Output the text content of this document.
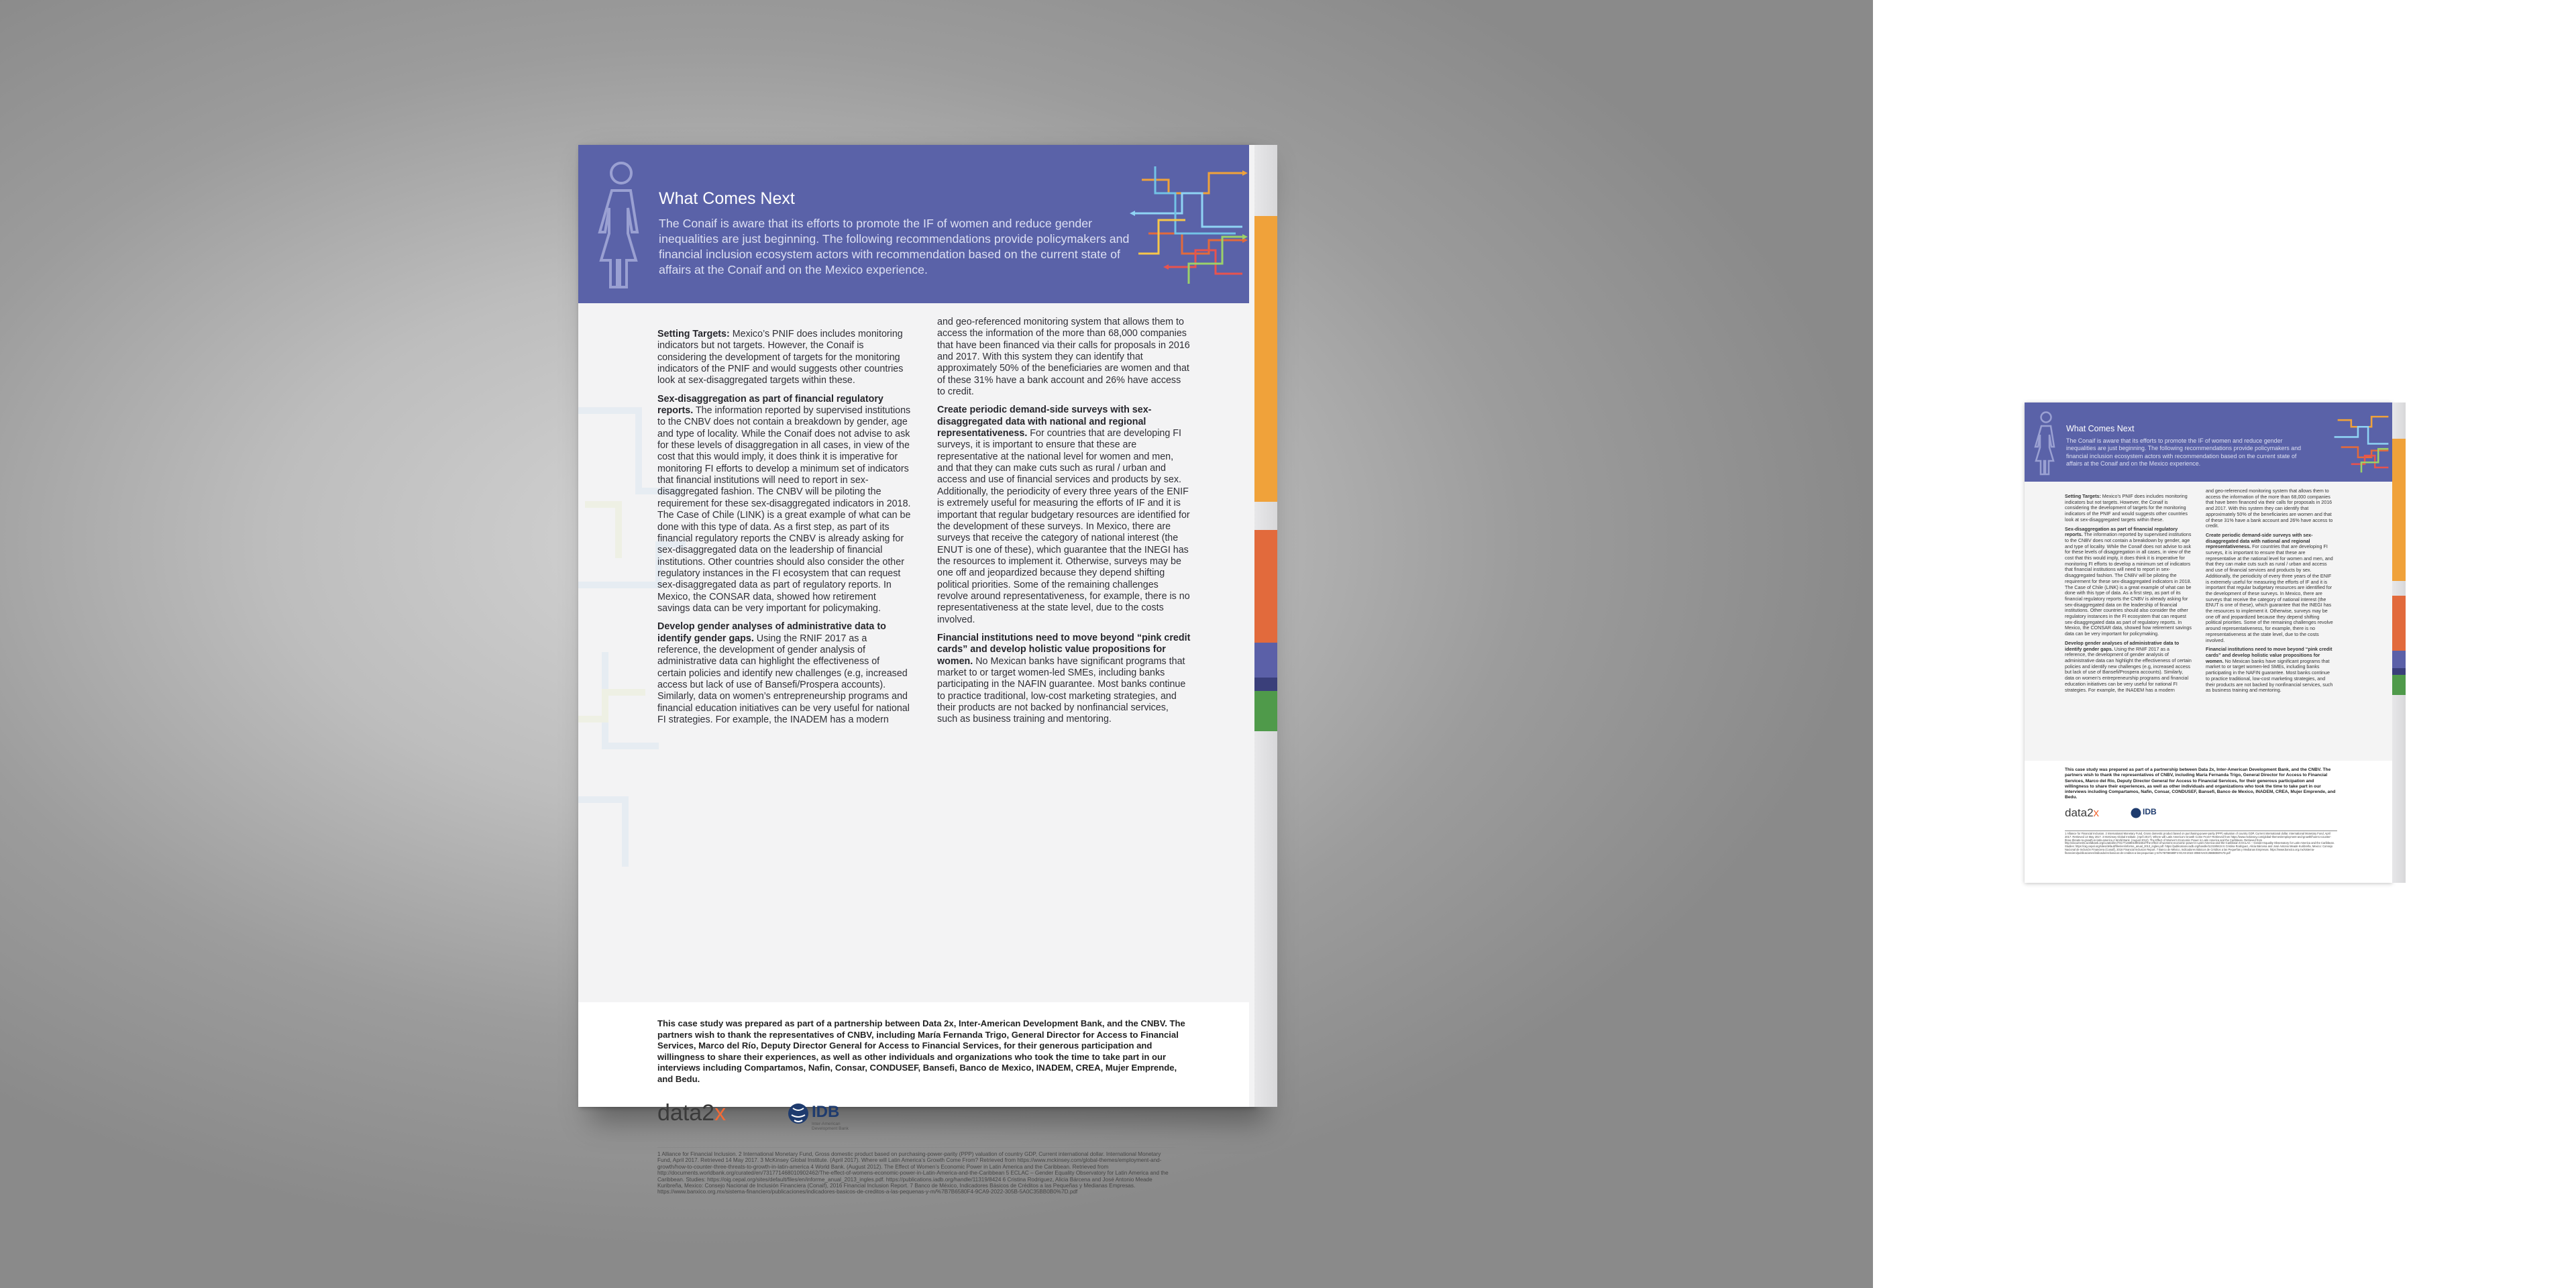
What Comes Next
The Conaif is aware that its efforts to promote the IF of women and reduce gender inequalities are just beginning. The following recommendations provide policymakers and financial inclusion ecosystem actors with recommendation based on the current state of affairs at the Conaif and on the Mexico experience.

Setting Targets: Mexico’s PNIF does includes monitoring indicators but not targets. However, the Conaif is considering the development of targets for the monitoring indicators of the PNIF and would suggests other countries look at sex-disaggregated targets within these.

Sex-disaggregation as part of financial regulatory reports. The information reported by supervised institutions to the CNBV does not contain a breakdown by gender, age and type of locality. While the Conaif does not advise to ask for these levels of disaggregation in all cases, in view of the cost that this would imply, it does think it is imperative for monitoring FI efforts to develop a minimum set of indicators that financial institutions will need to report in sex-disaggregated fashion. The CNBV will be piloting the requirement for these sex-disaggregated indicators in 2018. The Case of Chile (LINK) is a great example of what can be done with this type of data. As a first step, as part of its financial regulatory reports the CNBV is already asking for sex-disaggregated data on the leadership of financial institutions. Other countries should also consider the other regulatory instances in the FI ecosystem that can request sex-disaggregated data as part of regulatory reports. In Mexico, the CONSAR data, showed how retirement savings data can be very important for policymaking.

Develop gender analyses of administrative data to identify gender gaps. Using the RNIF 2017 as a reference, the development of gender analysis of administrative data can highlight the effectiveness of certain policies and identify new challenges (e.g, increased access but lack of use of Bansefi/Prospera accounts). Similarly, data on women’s entrepreneurship programs and financial education initiatives can be very useful for national FI strategies. For example, the INADEM has a modern

and geo-referenced monitoring system that allows them to access the information of the more than 68,000 companies that have been financed via their calls for proposals in 2016 and 2017. With this system they can identify that approximately 50% of the beneficiaries are women and that of these 31% have a bank account and 26% have access to credit.

Create periodic demand-side surveys with sex-disaggregated data with national and regional representativeness. For countries that are developing FI surveys, it is important to ensure that these are representative at the national level for women and men, and that they can make cuts such as rural / urban and access and use of financial services and products by sex. Additionally, the periodicity of every three years of the ENIF is extremely useful for measuring the efforts of IF and it is important that regular budgetary resources are identified for the development of these surveys. In Mexico, there are surveys that receive the category of national interest (the ENUT is one of these), which guarantee that the INEGI has the resources to implement it. Otherwise, surveys may be one off and jeopardized because they depend shifting political priorities. Some of the remaining challenges revolve around representativeness, for example, there is no representativeness at the state level, due to the costs involved.

Financial institutions need to move beyond “pink credit cards” and develop holistic value propositions for women. No Mexican banks have significant programs that market to or target women-led SMEs, including banks participating in the NAFIN guarantee. Most banks continue to practice traditional, low-cost marketing strategies, and their products are not backed by nonfinancial services, such as business training and mentoring.

This case study was prepared as part of a partnership between Data 2x, Inter-American Development Bank, and the CNBV. The partners wish to thank the representatives of CNBV, including María Fernanda Trigo, General Director for Access to Financial Services, Marco del Río, Deputy Director General for Access to Financial Services, for their generous participation and willingness to share their experiences, as well as other individuals and organizations who took the time to take part in our interviews including Compartamos, Nafin, Consar, CONDUSEF, Bansefi, Banco de Mexico, INADEM, CREA, Mujer Emprende, and Bedu.
data2x	IDB
Inter-American Development Bank
1 Alliance for Financial Inclusion. 2 International Monetary Fund, Gross domestic product based on purchasing-power-parity (PPP) valuation of country GDP, Current international dollar. International Monetary Fund, April 2017. Retrieved 14 May 2017. 3 McKinsey Global Institute. (April 2017). Where will Latin America’s Growth Come From? Retrieved from https://www.mckinsey.com/global-themes/employment-and-growth/how-to-counter-three-threats-to-growth-in-latin-america 4 World Bank. (August 2012). The Effect of Women’s Economic Power in Latin America and the Caribbean. Retrieved from http://documents.worldbank.org/curated/en/731771468010902462/The-effect-of-womens-economic-power-in-Latin-America-and-the-Caribbean 5 ECLAC – Gender Equality Observatory for Latin America and the Caribbean. Studies: https://oig.cepal.org/sites/default/files/en/informe_anual_2013_ingles.pdf. https://publications.iadb.org/handle/11319/8424 6 Cristina Rodriguez, Alicia Bárcena and José Antonio Meade Kuribreña, Mexico: Consejo Nacional de Inclusión Financiera (Conaif), 2016 Financial Inclusion Report. 7 Banco de México, Indicadores Básicos de Créditos a las Pequeñas y Medianas Empresas. https://www.banxico.org.mx/sistema-financiero/publicaciones/indicadores-basicos-de-creditos-a-las-pequenas-y-m/%7B7B6580F4-9CA9-2022-305B-5A0C35BB0B0%7D.pdf
What Comes Next
The Conaif is aware that its efforts to promote the IF of women and reduce gender inequalities are just beginning. The following recommendations provide policymakers and financial inclusion ecosystem actors with recommendation based on the current state of affairs at the Conaif and on the Mexico experience.

Setting Targets: Mexico’s PNIF does includes monitoring indicators but not targets. However, the Conaif is considering the development of targets for the monitoring indicators of the PNIF and would suggests other countries look at sex-disaggregated targets within these.

Sex-disaggregation as part of financial regulatory reports. The information reported by supervised institutions to the CNBV does not contain a breakdown by gender, age and type of locality. While the Conaif does not advise to ask for these levels of disaggregation in all cases, in view of the cost that this would imply, it does think it is imperative for monitoring FI efforts to develop a minimum set of indicators that financial institutions will need to report in sex-disaggregated fashion. The CNBV will be piloting the requirement for these sex-disaggregated indicators in 2018. The Case of Chile (LINK) is a great example of what can be done with this type of data. As a first step, as part of its financial regulatory reports the CNBV is already asking for sex-disaggregated data on the leadership of financial institutions. Other countries should also consider the other regulatory instances in the FI ecosystem that can request sex-disaggregated data as part of regulatory reports. In Mexico, the CONSAR data, showed how retirement savings data can be very important for policymaking.

Develop gender analyses of administrative data to identify gender gaps. Using the RNIF 2017 as a reference, the development of gender analysis of administrative data can highlight the effectiveness of certain policies and identify new challenges (e.g, increased access but lack of use of Bansefi/Prospera accounts). Similarly, data on women’s entrepreneurship programs and financial education initiatives can be very useful for national FI strategies. For example, the INADEM has a modern

and geo-referenced monitoring system that allows them to access the information of the more than 68,000 companies that have been financed via their calls for proposals in 2016 and 2017. With this system they can identify that approximately 50% of the beneficiaries are women and that of these 31% have a bank account and 26% have access to credit.

Create periodic demand-side surveys with sex-disaggregated data with national and regional representativeness. For countries that are developing FI surveys, it is important to ensure that these are representative at the national level for women and men, and that they can make cuts such as rural / urban and access and use of financial services and products by sex. Additionally, the periodicity of every three years of the ENIF is extremely useful for measuring the efforts of IF and it is important that regular budgetary resources are identified for the development of these surveys. In Mexico, there are surveys that receive the category of national interest (the ENUT is one of these), which guarantee that the INEGI has the resources to implement it. Otherwise, surveys may be one off and jeopardized because they depend shifting political priorities. Some of the remaining challenges revolve around representativeness, for example, there is no representativeness at the state level, due to the costs involved.

Financial institutions need to move beyond “pink credit cards” and develop holistic value propositions for women. No Mexican banks have significant programs that market to or target women-led SMEs, including banks participating in the NAFIN guarantee. Most banks continue to practice traditional, low-cost marketing strategies, and their products are not backed by nonfinancial services, such as business training and mentoring.

This case study was prepared as part of a partnership between Data 2x, Inter-American Development Bank, and the CNBV. The partners wish to thank the representatives of CNBV, including María Fernanda Trigo, General Director for Access to Financial Services, Marco del Río, Deputy Director General for Access to Financial Services, for their generous participation and willingness to share their experiences, as well as other individuals and organizations who took the time to take part in our interviews including Compartamos, Nafin, Consar, CONDUSEF, Bansefi, Banco de Mexico, INADEM, CREA, Mujer Emprende, and Bedu.
data2x	IDB
1 Alliance for Financial Inclusion. 2 International Monetary Fund, Gross domestic product based on purchasing-power-parity (PPP) valuation of country GDP, Current international dollar. International Monetary Fund, April 2017. Retrieved 14 May 2017. 3 McKinsey Global Institute. (April 2017). Where will Latin America’s Growth Come From? Retrieved from https://www.mckinsey.com/global-themes/employment-and-growth/how-to-counter-three-threats-to-growth-in-latin-america 4 World Bank. (August 2012). The Effect of Women’s Economic Power in Latin America and the Caribbean. Retrieved from http://documents.worldbank.org/curated/en/731771468010902462/The-effect-of-womens-economic-power-in-Latin-America-and-the-Caribbean 5 ECLAC – Gender Equality Observatory for Latin America and the Caribbean. Studies: https://oig.cepal.org/sites/default/files/en/informe_anual_2013_ingles.pdf. https://publications.iadb.org/handle/11319/8424 6 Cristina Rodriguez, Alicia Bárcena and José Antonio Meade Kuribreña, Mexico: Consejo Nacional de Inclusión Financiera (Conaif), 2016 Financial Inclusion Report. 7 Banco de México, Indicadores Básicos de Créditos a las Pequeñas y Medianas Empresas. https://www.banxico.org.mx/sistema-financiero/publicaciones/indicadores-basicos-de-creditos-a-las-pequenas-y-m/%7B7B6580F4-9CA9-2022-305B-5A0C35BB0B0%7D.pdf
